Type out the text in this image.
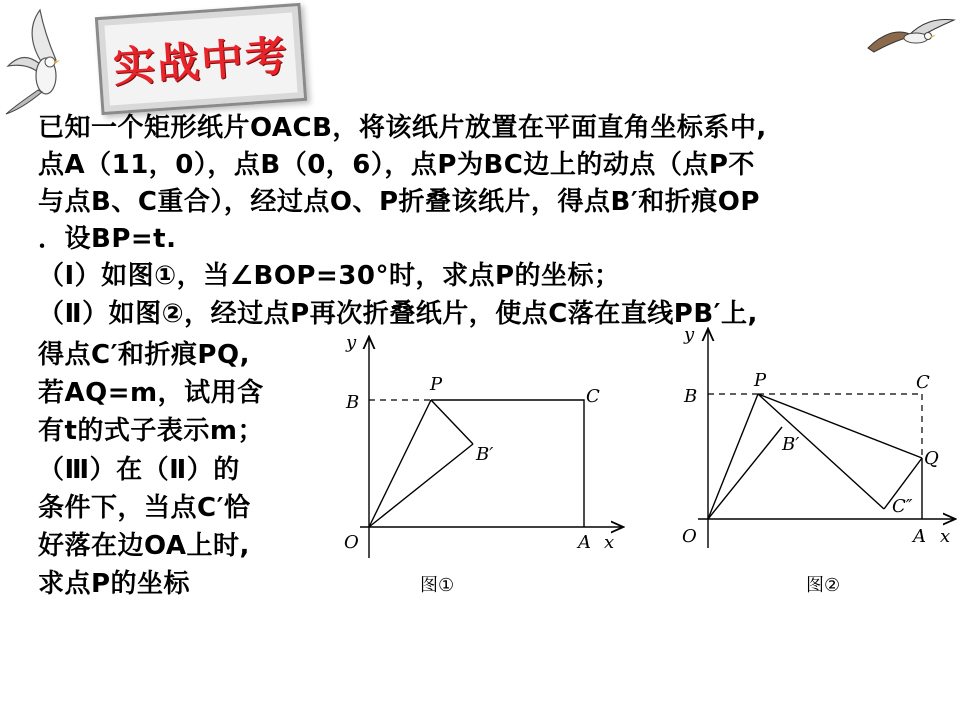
实战中考
已知一个矩形纸片OACB，将该纸片放置在平面直角坐标系中,
点A（11，0），点B（0，6），点P为BC边上的动点（点P不
与点B、C重合），经过点O、P折叠该纸片，得点B′和折痕OP
．设BP=t.
（Ⅰ）如图①，当∠BOP=30°时，求点P的坐标；
（Ⅱ）如图②，经过点P再次折叠纸片，使点C落在直线PB′上,
得点C′和折痕PQ,
若AQ=m，试用含
有t的式子表示m；
（Ⅲ）在（Ⅱ）的
条件下，当点C′恰
好落在边OA上时,
求点P的坐标
y
B
P
C
B′
O	A x
图①
y
B
P	C
B′
Q
C″
O	A x
图②
